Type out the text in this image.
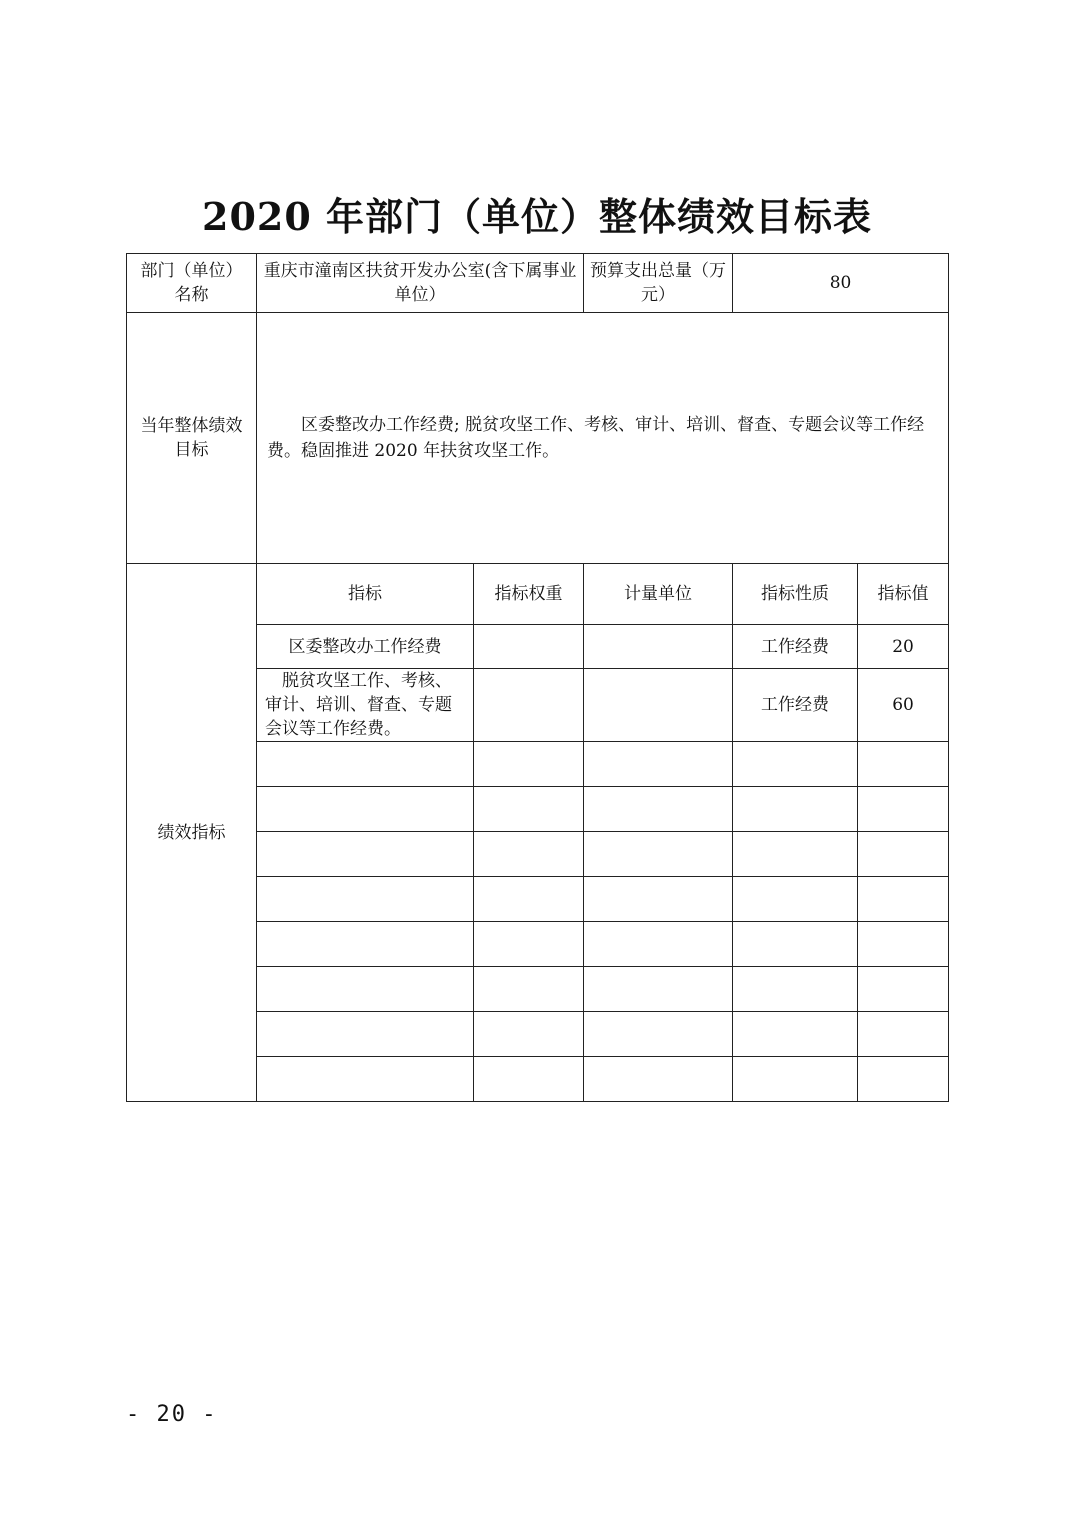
2020 年部门（单位）整体绩效目标表
部门（单位）名称	重庆市潼南区扶贫开发办公室(含下属事业单位）		预算支出总量（万元）	80	
当年整体绩效目标	区委整改办工作经费; 脱贫攻坚工作、考核、审计、培训、督查、专题会议等工作经费。稳固推进 2020 年扶贫攻坚工作。				
绩效指标	指标	指标权重	计量单位	指标性质	指标值
	区委整改办工作经费			工作经费	20
	脱贫攻坚工作、考核、审计、培训、督查、专题会议等工作经费。			工作经费	60

- 20 -
